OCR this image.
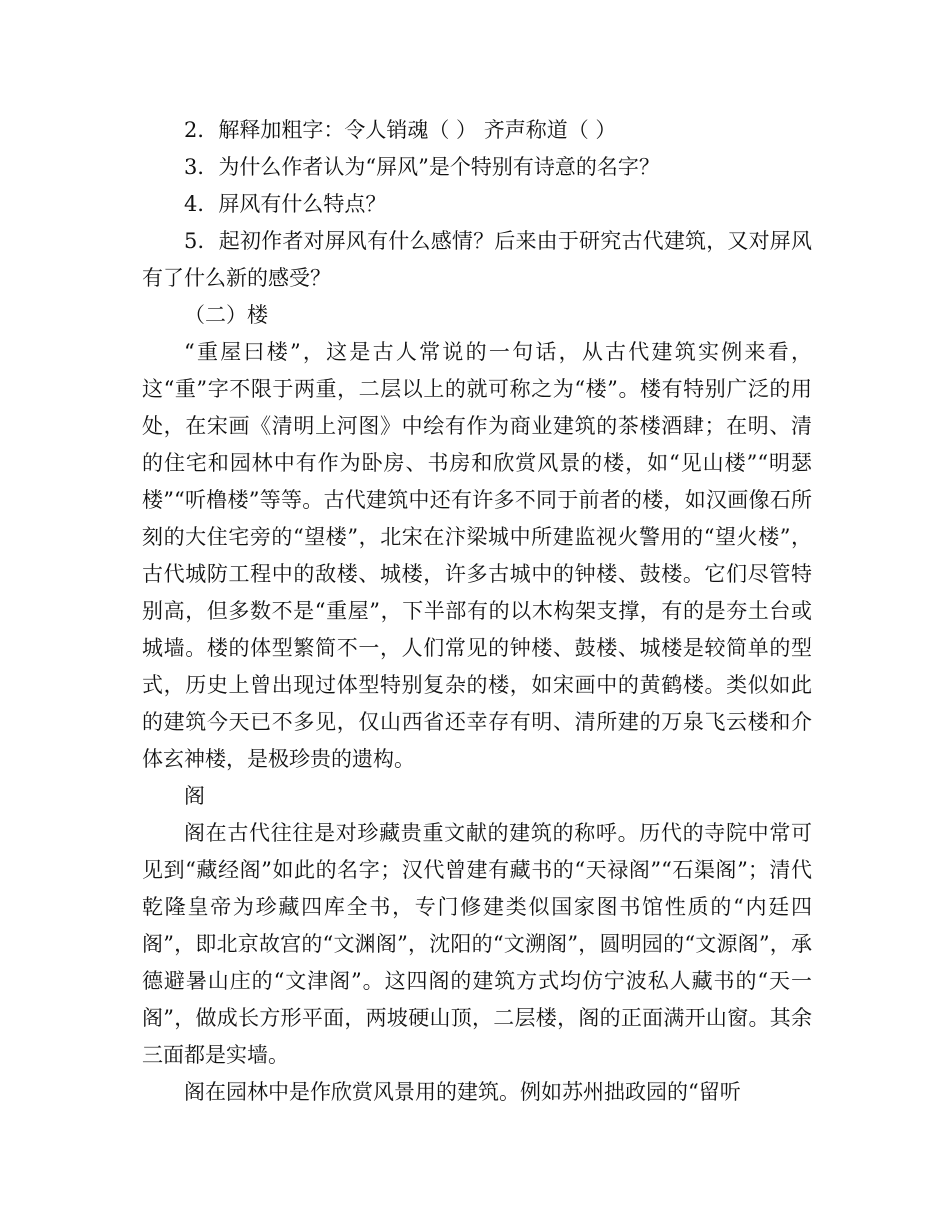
2．解释加粗字：令人销魂（ ） 齐声称道（ ）

3．为什么作者认为“屏风”是个特别有诗意的名字？

4．屏风有什么特点？

5．起初作者对屏风有什么感情？后来由于研究古代建筑，又对屏风有了什么新的感受？

（二）楼

“重屋曰楼”，这是古人常说的一句话，从古代建筑实例来看，这“重”字不限于两重，二层以上的就可称之为“楼”。楼有特别广泛的用处，在宋画《清明上河图》中绘有作为商业建筑的茶楼酒肆；在明、清的住宅和园林中有作为卧房、书房和欣赏风景的楼，如“见山楼”“明瑟楼”“听橹楼”等等。古代建筑中还有许多不同于前者的楼，如汉画像石所刻的大住宅旁的“望楼”，北宋在汴梁城中所建监视火警用的“望火楼”，古代城防工程中的敌楼、城楼，许多古城中的钟楼、鼓楼。它们尽管特别高，但多数不是“重屋”，下半部有的以木构架支撑，有的是夯土台或城墙。楼的体型繁简不一，人们常见的钟楼、鼓楼、城楼是较简单的型式，历史上曾出现过体型特别复杂的楼，如宋画中的黄鹤楼。类似如此的建筑今天已不多见，仅山西省还幸存有明、清所建的万泉飞云楼和介体玄神楼，是极珍贵的遗构。

阁

阁在古代往往是对珍藏贵重文献的建筑的称呼。历代的寺院中常可见到“藏经阁”如此的名字；汉代曾建有藏书的“天禄阁”“石渠阁”；清代乾隆皇帝为珍藏四库全书，专门修建类似国家图书馆性质的“内廷四阁”，即北京故宫的“文渊阁”，沈阳的“文溯阁”，圆明园的“文源阁”，承德避暑山庄的“文津阁”。这四阁的建筑方式均仿宁波私人藏书的“天一阁”，做成长方形平面，两坡硬山顶，二层楼，阁的正面满开山窗。其余三面都是实墙。

阁在园林中是作欣赏风景用的建筑。例如苏州拙政园的“留听
